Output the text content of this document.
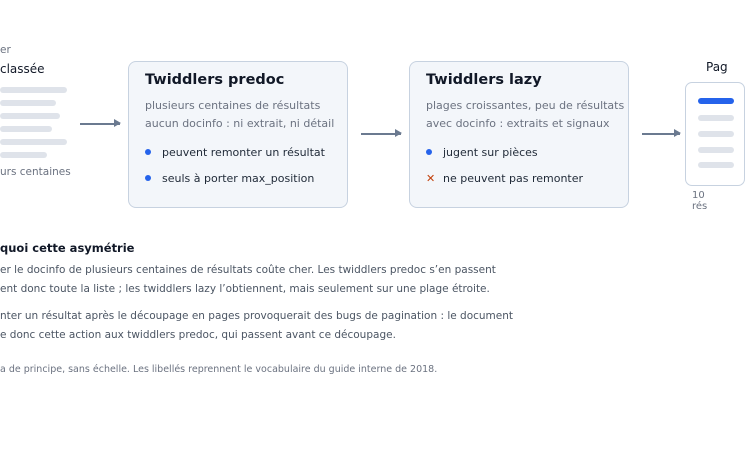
er
classée
urs centaines
Twiddlers predoc
plusieurs centaines de résultats
aucun docinfo : ni extrait, ni détail
peuvent remonter un résultat
seuls à porter max_position
Twiddlers lazy
plages croissantes, peu de résultats
avec docinfo : extraits et signaux
jugent sur pièces
✕ ne peuvent pas remonter
Pag
10 rés
quoi cette asymétrie
er le docinfo de plusieurs centaines de résultats coûte cher. Les twiddlers predoc s’en passent
ent donc toute la liste ; les twiddlers lazy l’obtiennent, mais seulement sur une plage étroite.
nter un résultat après le découpage en pages provoquerait des bugs de pagination : le document
e donc cette action aux twiddlers predoc, qui passent avant ce découpage.
a de principe, sans échelle. Les libellés reprennent le vocabulaire du guide interne de 2018.
